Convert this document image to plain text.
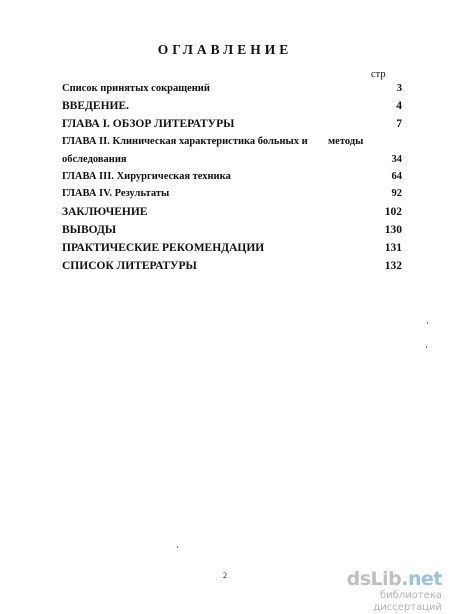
ОГЛАВЛЕНИЕ
стр
Список принятых сокращений	3
ВВЕДЕНИЕ.	4
ГЛАВА I. ОБЗОР ЛИТЕРАТУРЫ	7
ГЛАВА II. Клиническая характеристика больных и методы
обследования	34
ГЛАВА III. Хирургическая техника	64
ГЛАВА IV. Результаты	92
ЗАКЛЮЧЕНИЕ	102
ВЫВОДЫ	130
ПРАКТИЧЕСКИЕ РЕКОМЕНДАЦИИ	131
СПИСОК ЛИТЕРАТУРЫ	132
2	dsLib.net
библиотека диссертаций
